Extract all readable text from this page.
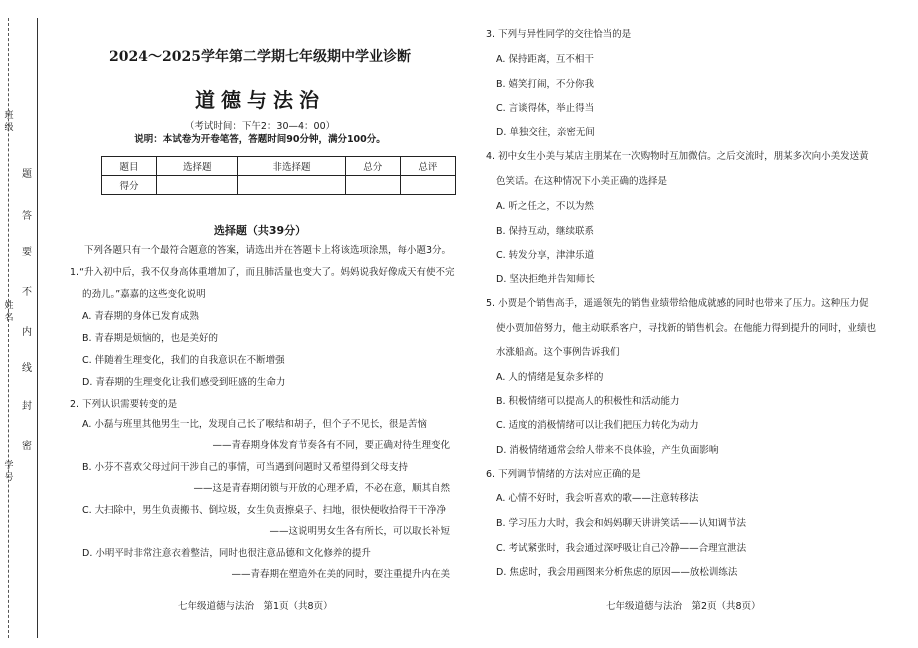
题
答
要
不
内
线
封
密
班级
姓名
学号
2024～2025学年第二学期七年级期中学业诊断
道德与法治
（考试时间：下午2：30—4：00）
说明：本试卷为开卷笔答，答题时间90分钟，满分100分。
题目	选择题	非选择题	总分	总评
得分				
选择题（共39分）
下列各题只有一个最符合题意的答案，请选出并在答题卡上将该选项涂黑，每小题3分。
1.“升入初中后，我不仅身高体重增加了，而且肺活量也变大了。妈妈说我好像成天有使不完
的劲儿。”嘉嘉的这些变化说明
A. 青春期的身体已发育成熟
B. 青春期是烦恼的，也是美好的
C. 伴随着生理变化，我们的自我意识在不断增强
D. 青春期的生理变化让我们感受到旺盛的生命力
2. 下列认识需要转变的是
A. 小磊与班里其他男生一比，发现自己长了喉结和胡子，但个子不见长，很是苦恼
——青春期身体发育节奏各有不同，要正确对待生理变化
B. 小芬不喜欢父母过问干涉自己的事情，可当遇到问题时又希望得到父母支持
——这是青春期闭锁与开放的心理矛盾，不必在意，顺其自然
C. 大扫除中，男生负责搬书、倒垃圾，女生负责擦桌子、扫地，很快便收拾得干干净净
——这说明男女生各有所长，可以取长补短
D. 小明平时非常注意衣着整洁，同时也很注意品德和文化修养的提升
——青春期在塑造外在美的同时，要注重提升内在美
七年级道德与法治　第1页（共8页）
3. 下列与异性同学的交往恰当的是
A. 保持距离，互不相干
B. 嬉笑打闹，不分你我
C. 言谈得体，举止得当
D. 单独交往，亲密无间
4. 初中女生小美与某店主朋某在一次购物时互加微信。之后交流时，朋某多次向小美发送黄
色笑话。在这种情况下小美正确的选择是
A. 听之任之，不以为然
B. 保持互动，继续联系
C. 转发分享，津津乐道
D. 坚决拒绝并告知师长
5. 小贾是个销售高手，遥遥领先的销售业绩带给他成就感的同时也带来了压力。这种压力促
使小贾加倍努力，他主动联系客户，寻找新的销售机会。在他能力得到提升的同时，业绩也
水涨船高。这个事例告诉我们
A. 人的情绪是复杂多样的
B. 积极情绪可以提高人的积极性和活动能力
C. 适度的消极情绪可以让我们把压力转化为动力
D. 消极情绪通常会给人带来不良体验，产生负面影响
6. 下列调节情绪的方法对应正确的是
A. 心情不好时，我会听喜欢的歌——注意转移法
B. 学习压力大时，我会和妈妈聊天讲讲笑话——认知调节法
C. 考试紧张时，我会通过深呼吸让自己冷静——合理宣泄法
D. 焦虑时，我会用画图来分析焦虑的原因——放松训练法
七年级道德与法治　第2页（共8页）
